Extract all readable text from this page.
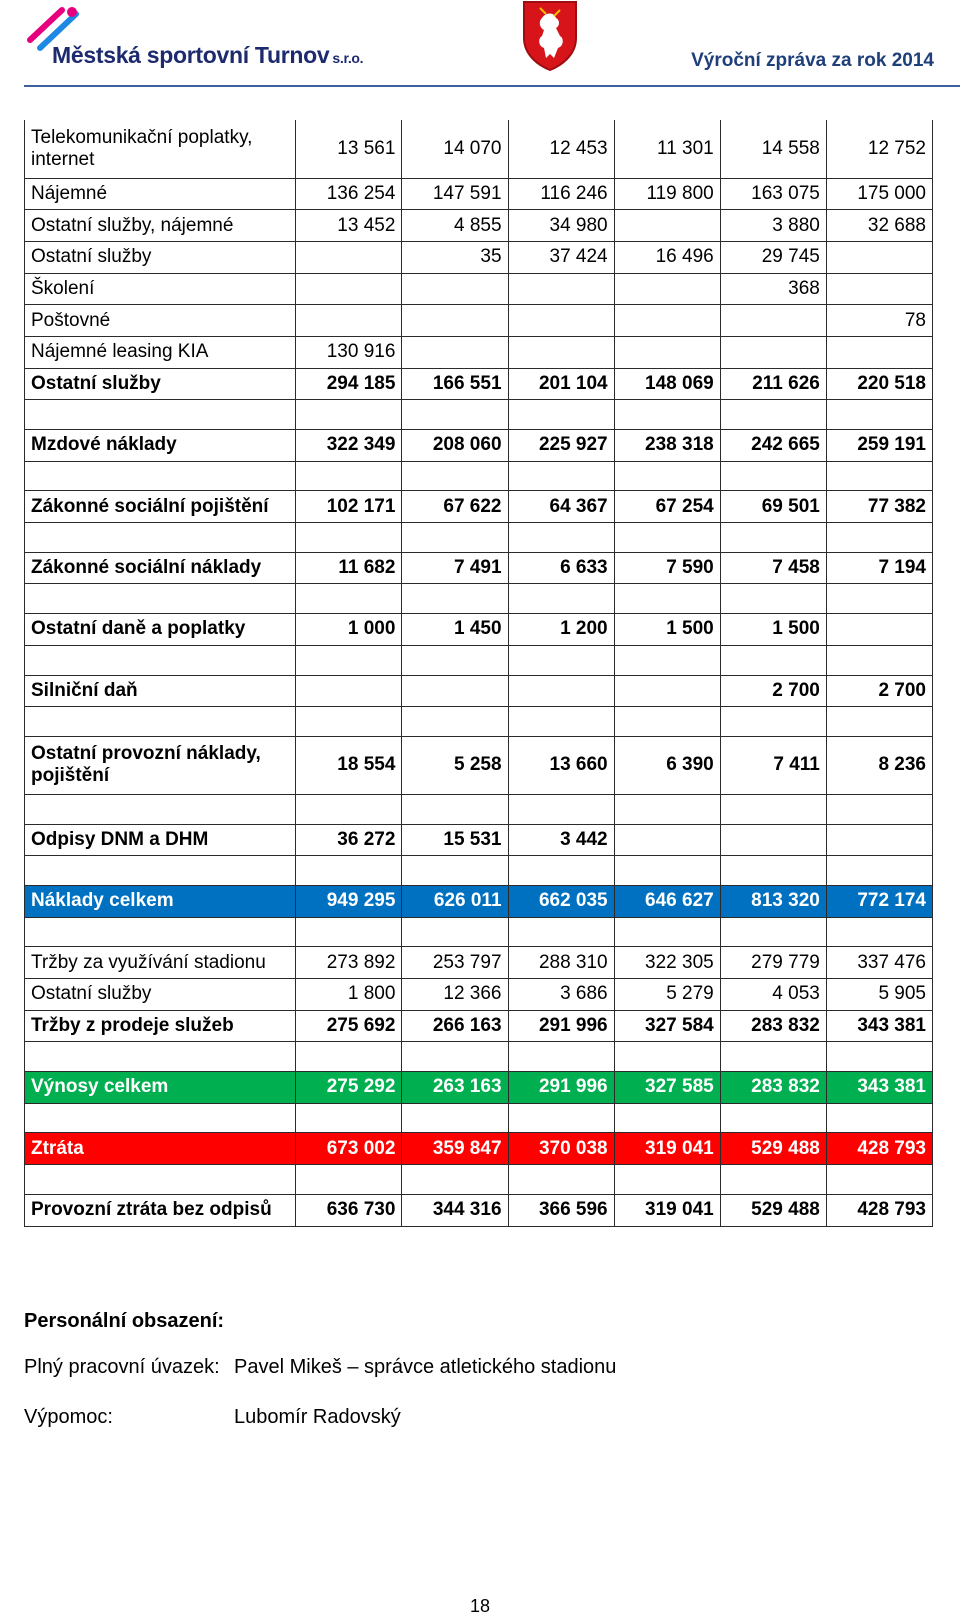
Městská sportovní Turnov s.r.o.	Výroční zpráva za rok 2014
Telekomunikační poplatky, internet	13 561	14 070	12 453	11 301	14 558	12 752
Nájemné	136 254	147 591	116 246	119 800	163 075	175 000
Ostatní služby, nájemné	13 452	4 855	34 980		3 880	32 688
Ostatní služby		35	37 424	16 496	29 745	
Školení					368	
Poštovné						78
Nájemné leasing KIA	130 916					
Ostatní služby	294 185	166 551	201 104	148 069	211 626	220 518

Mzdové náklady	322 349	208 060	225 927	238 318	242 665	259 191

Zákonné sociální pojištění	102 171	67 622	64 367	67 254	69 501	77 382

Zákonné sociální náklady	11 682	7 491	6 633	7 590	7 458	7 194

Ostatní daně a poplatky	1 000	1 450	1 200	1 500	1 500	

Silniční daň					2 700	2 700

Ostatní provozní náklady, pojištění	18 554	5 258	13 660	6 390	7 411	8 236

Odpisy DNM a DHM	36 272	15 531	3 442			

Náklady celkem	949 295	626 011	662 035	646 627	813 320	772 174

Tržby za využívání stadionu	273 892	253 797	288 310	322 305	279 779	337 476
Ostatní služby	1 800	12 366	3 686	5 279	4 053	5 905
Tržby z prodeje služeb	275 692	266 163	291 996	327 584	283 832	343 381

Výnosy celkem	275 292	263 163	291 996	327 585	283 832	343 381

Ztráta	673 002	359 847	370 038	319 041	529 488	428 793

Provozní ztráta bez odpisů	636 730	344 316	366 596	319 041	529 488	428 793
Personální obsazení:
Plný pracovní úvazek: Pavel Mikeš – správce atletického stadionu
Výpomoc:	Lubomír Radovský
18
